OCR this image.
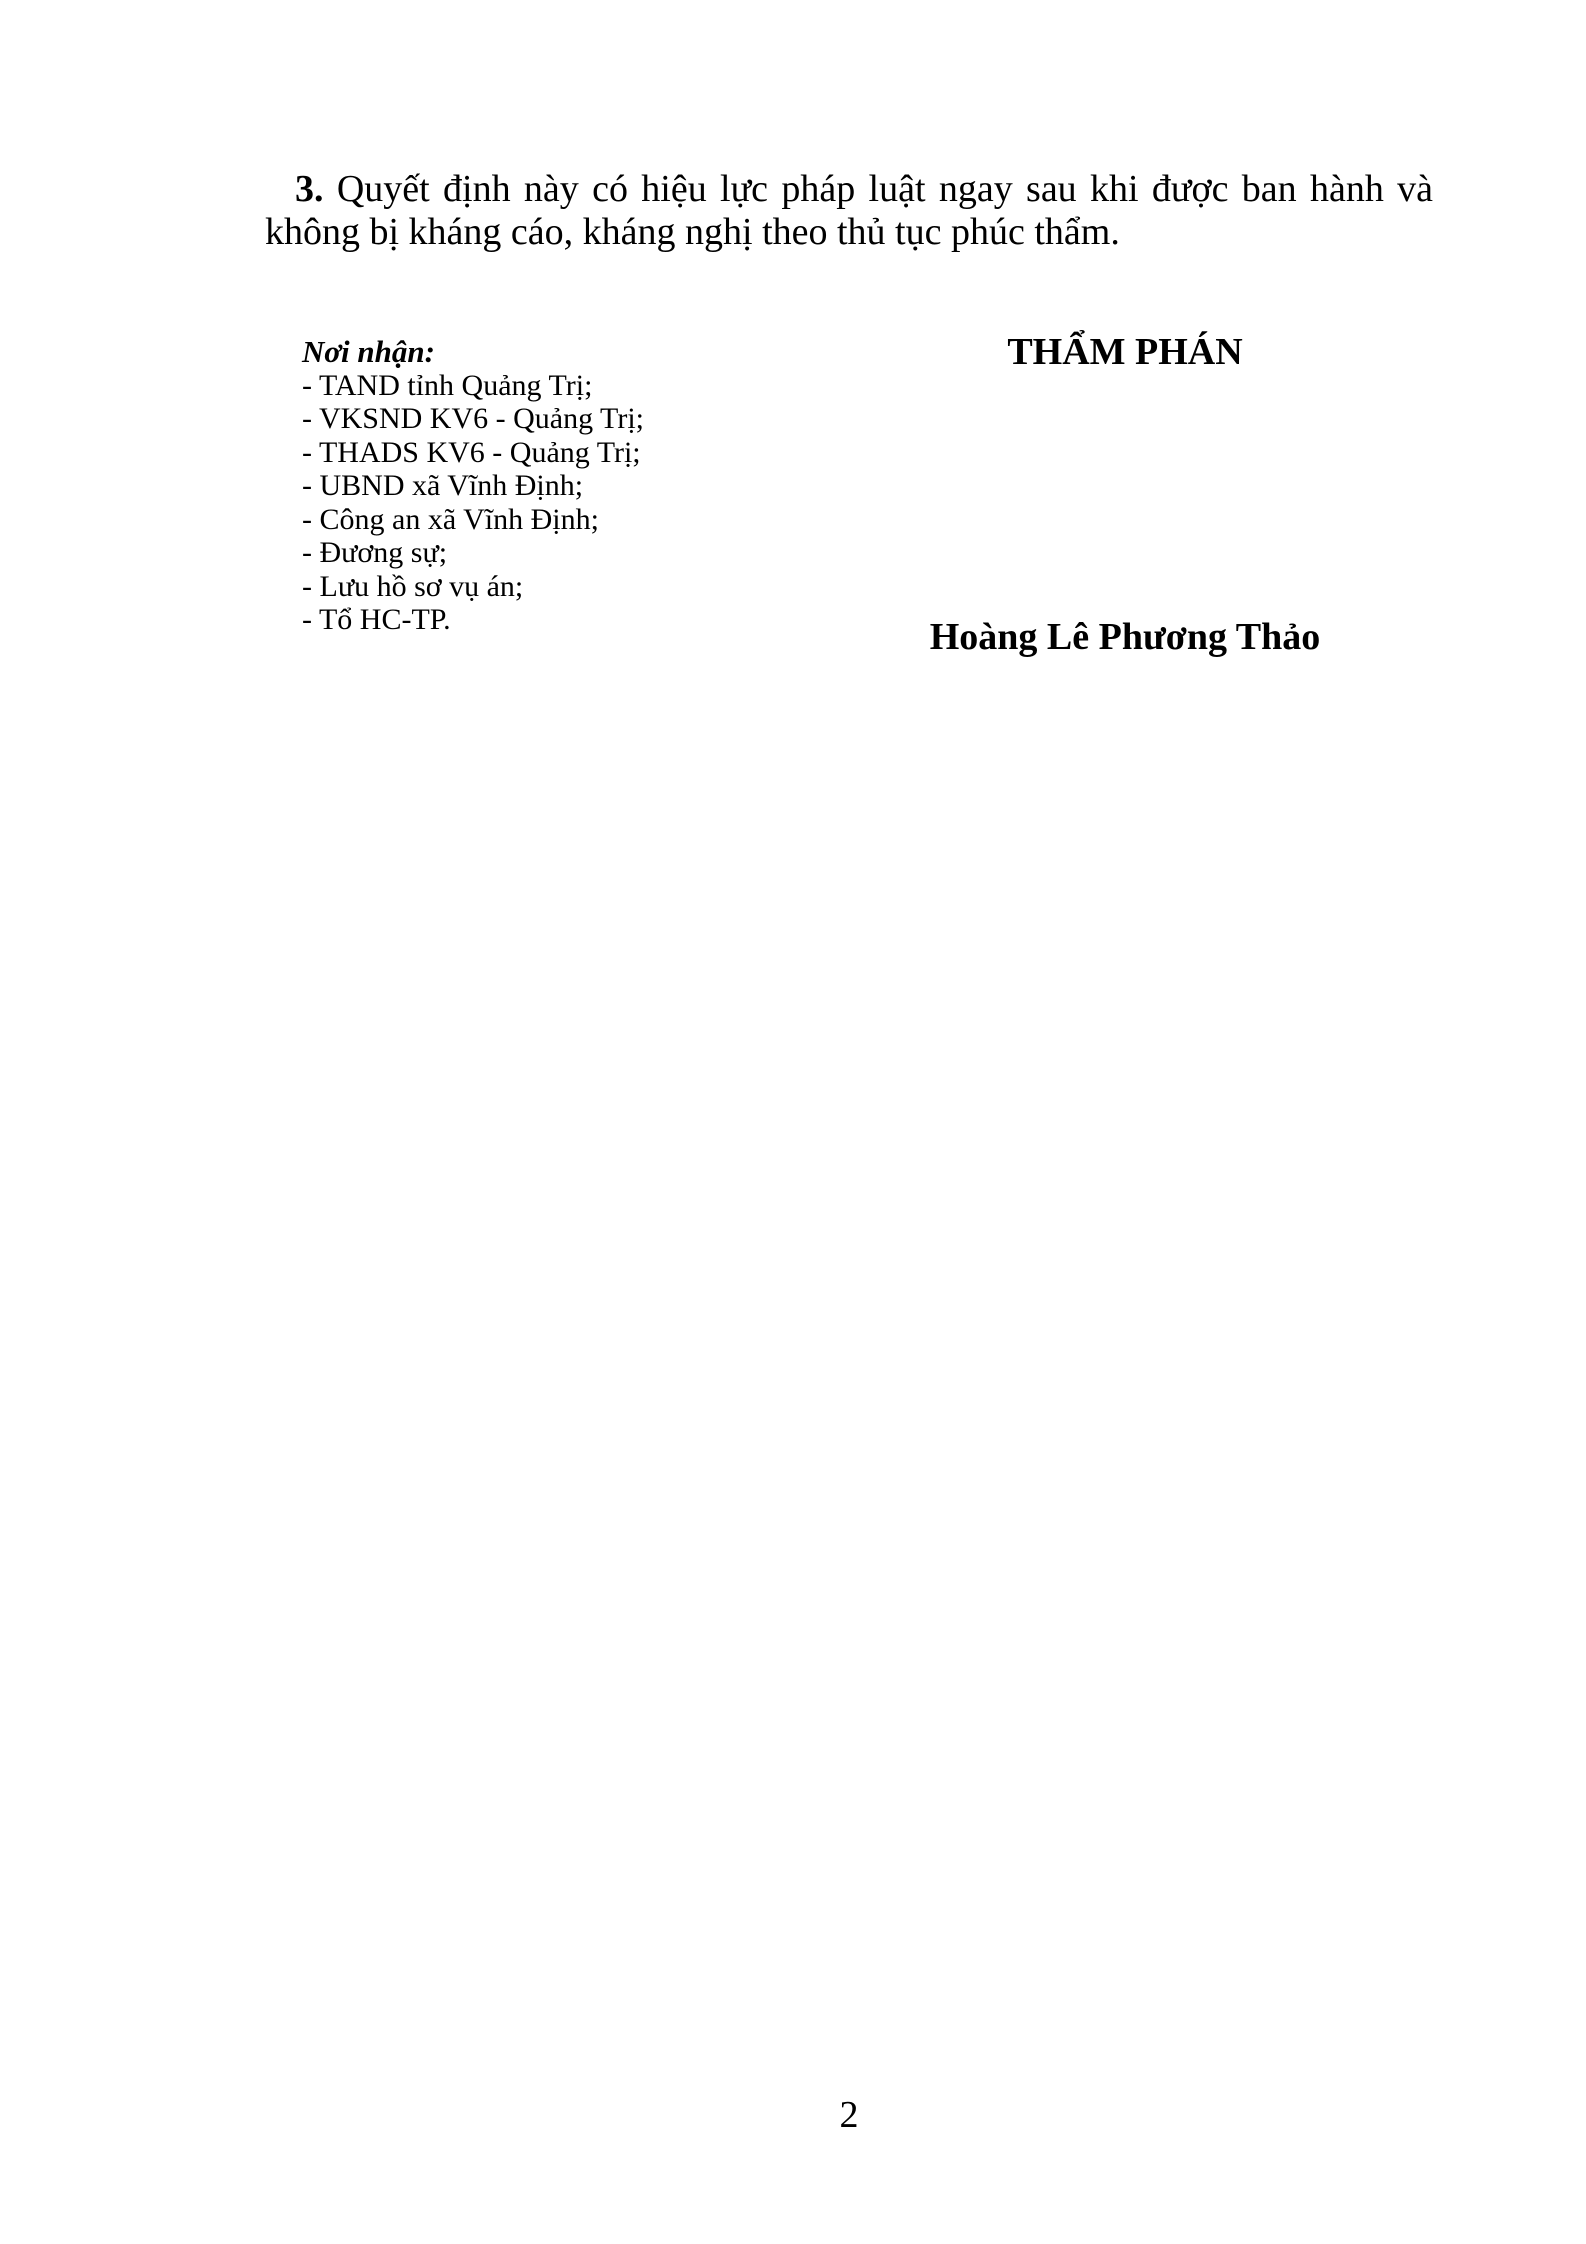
3. Quyết định này có hiệu lực pháp luật ngay sau khi được ban hành và không bị kháng cáo, kháng nghị theo thủ tục phúc thẩm.

Nơi nhận:
- TAND tỉnh Quảng Trị;
- VKSND KV6 - Quảng Trị;
- THADS KV6 - Quảng Trị;
- UBND xã Vĩnh Định;
- Công an xã Vĩnh Định;
- Đương sự;
- Lưu hồ sơ vụ án;
- Tổ HC-TP.
THẨM PHÁN
Hoàng Lê Phương Thảo
2
